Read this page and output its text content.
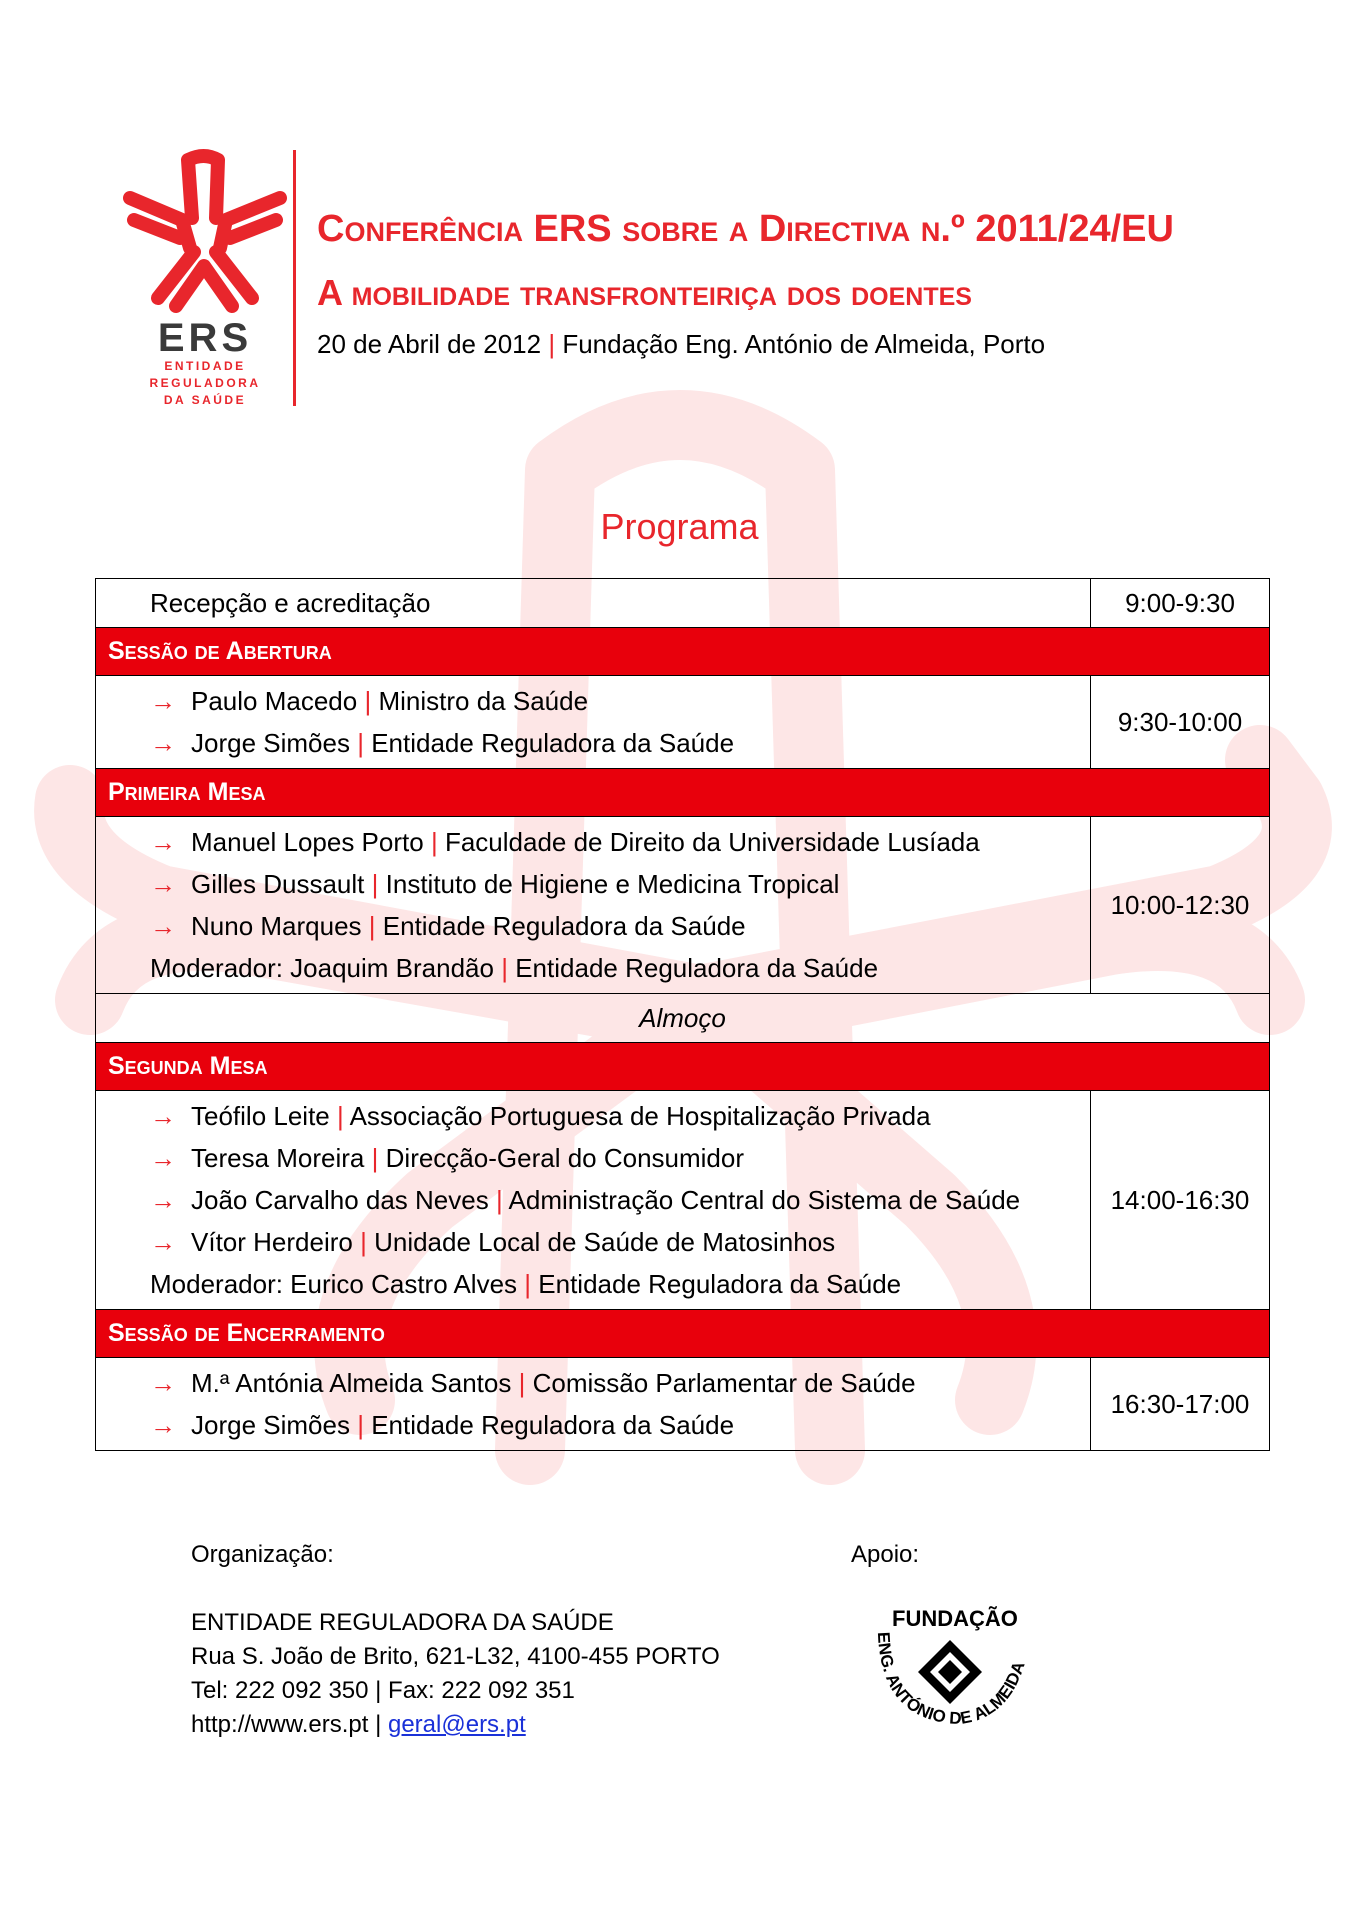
ERS
ENTIDADE
REGULADORA
DA SAÚDE
Conferência ERS sobre a Directiva n.º 2011/24/EU
A mobilidade transfronteiriça dos doentes
20 de Abril de 2012 | Fundação Eng. António de Almeida, Porto
Programa
Recepção e acreditação	9:00-9:30
Sessão de Abertura	

→ Paulo Macedo | Ministro da Saúde
→ Jorge Simões | Entidade Reguladora da Saúde	9:30-10:00
Primeira Mesa	

→ Manuel Lopes Porto | Faculdade de Direito da Universidade Lusíada
→ Gilles Dussault | Instituto de Higiene e Medicina Tropical
→ Nuno Marques | Entidade Reguladora da Saúde
Moderador: Joaquim Brandão | Entidade Reguladora da Saúde	10:00-12:30
Almoço	
Segunda Mesa	

→ Teófilo Leite | Associação Portuguesa de Hospitalização Privada
→ Teresa Moreira | Direcção-Geral do Consumidor
→ João Carvalho das Neves | Administração Central do Sistema de Saúde
→ Vítor Herdeiro | Unidade Local de Saúde de Matosinhos
Moderador: Eurico Castro Alves | Entidade Reguladora da Saúde	14:00-16:30
Sessão de Encerramento	

→ M.ª Antónia Almeida Santos | Comissão Parlamentar de Saúde
→ Jorge Simões | Entidade Reguladora da Saúde	16:30-17:00
Organização:
ENTIDADE REGULADORA DA SAÚDE
Rua S. João de Brito, 621-L32, 4100-455 PORTO
Tel: 222 092 350 | Fax: 222 092 351
http://www.ers.pt | geral@ers.pt
Apoio:
FUNDAÇÃO
ENG. ANTÓNIO DE ALMEIDA
